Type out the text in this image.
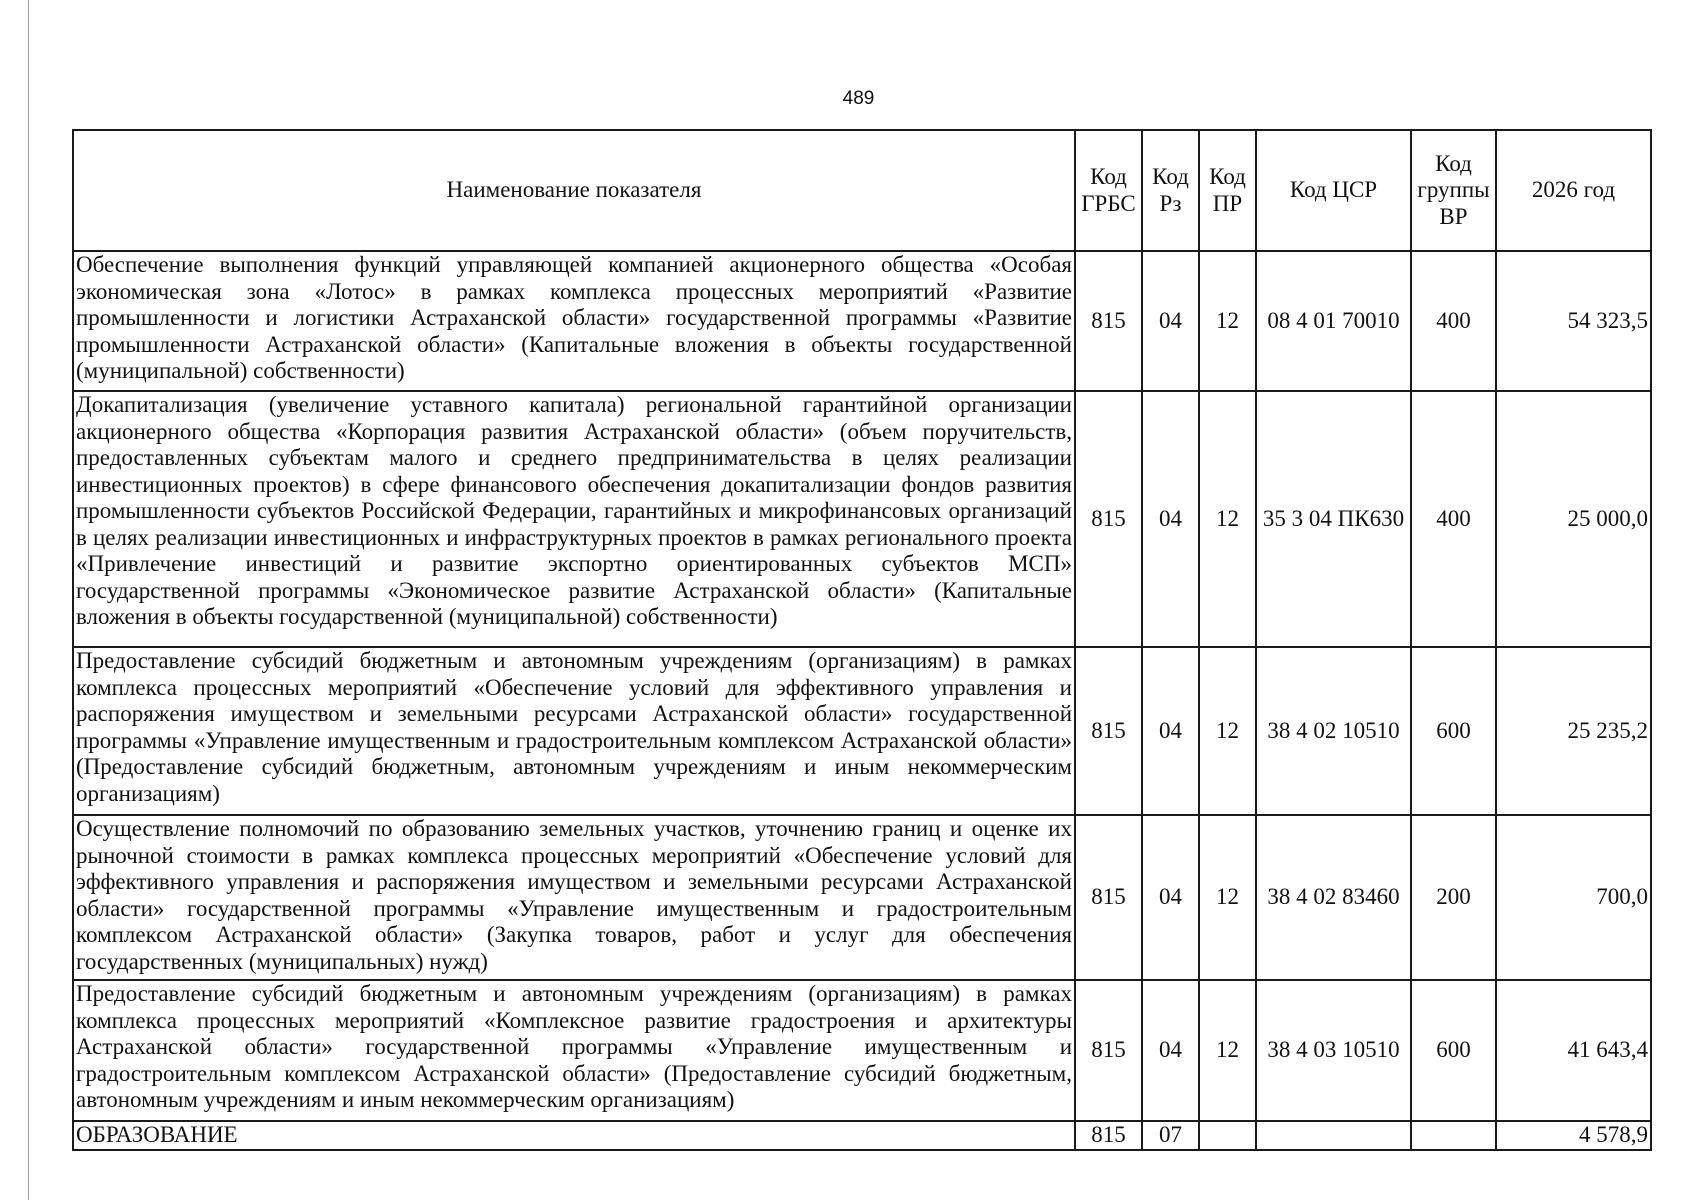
489
Наименование показателя	Код ГРБС	Код Рз	Код ПР	Код ЦСР	Код группы ВР	2026 год
Обеспечение выполнения функций управляющей компанией акционерного общества «Особая экономическая зона «Лотос» в рамках комплекса процессных мероприятий «Развитие промышленности и логистики Астраханской области» государственной программы «Развитие промышленности Астраханской области» (Капитальные вложения в объекты государственной (муниципальной) собственности)	815	04	12	08 4 01 70010	400	54 323,5
Докапитализация (увеличение уставного капитала) региональной гарантийной организации акционерного общества «Корпорация развития Астраханской области» (объем поручительств, предоставленных субъектам малого и среднего предпринимательства в целях реализации инвестиционных проектов) в сфере финансового обеспечения докапитализации фондов развития промышленности субъектов Российской Федерации, гарантийных и микрофинансовых организаций в целях реализации инвестиционных и инфраструктурных проектов в рамках регионального проекта «Привлечение инвестиций и развитие экспортно ориентированных субъектов МСП» государственной программы «Экономическое развитие Астраханской области» (Капитальные вложения в объекты государственной (муниципальной) собственности)	815	04	12	35 3 04 ПК630	400	25 000,0
Предоставление субсидий бюджетным и автономным учреждениям (организациям) в рамках комплекса процессных мероприятий «Обеспечение условий для эффективного управления и распоряжения имуществом и земельными ресурсами Астраханской области» государственной программы «Управление имущественным и градостроительным комплексом Астраханской области» (Предоставление субсидий бюджетным, автономным учреждениям и иным некоммерческим организациям)	815	04	12	38 4 02 10510	600	25 235,2
Осуществление полномочий по образованию земельных участков, уточнению границ и оценке их рыночной стоимости в рамках комплекса процессных мероприятий «Обеспечение условий для эффективного управления и распоряжения имуществом и земельными ресурсами Астраханской области» государственной программы «Управление имущественным и градостроительным комплексом Астраханской области» (Закупка товаров, работ и услуг для обеспечения государственных (муниципальных) нужд)	815	04	12	38 4 02 83460	200	700,0
Предоставление субсидий бюджетным и автономным учреждениям (организациям) в рамках комплекса процессных мероприятий «Комплексное развитие градостроения и архитектуры Астраханской области» государственной программы «Управление имущественным и градостроительным комплексом Астраханской области» (Предоставление субсидий бюджетным, автономным учреждениям и иным некоммерческим организациям)	815	04	12	38 4 03 10510	600	41 643,4
ОБРАЗОВАНИЕ	815	07				4 578,9
